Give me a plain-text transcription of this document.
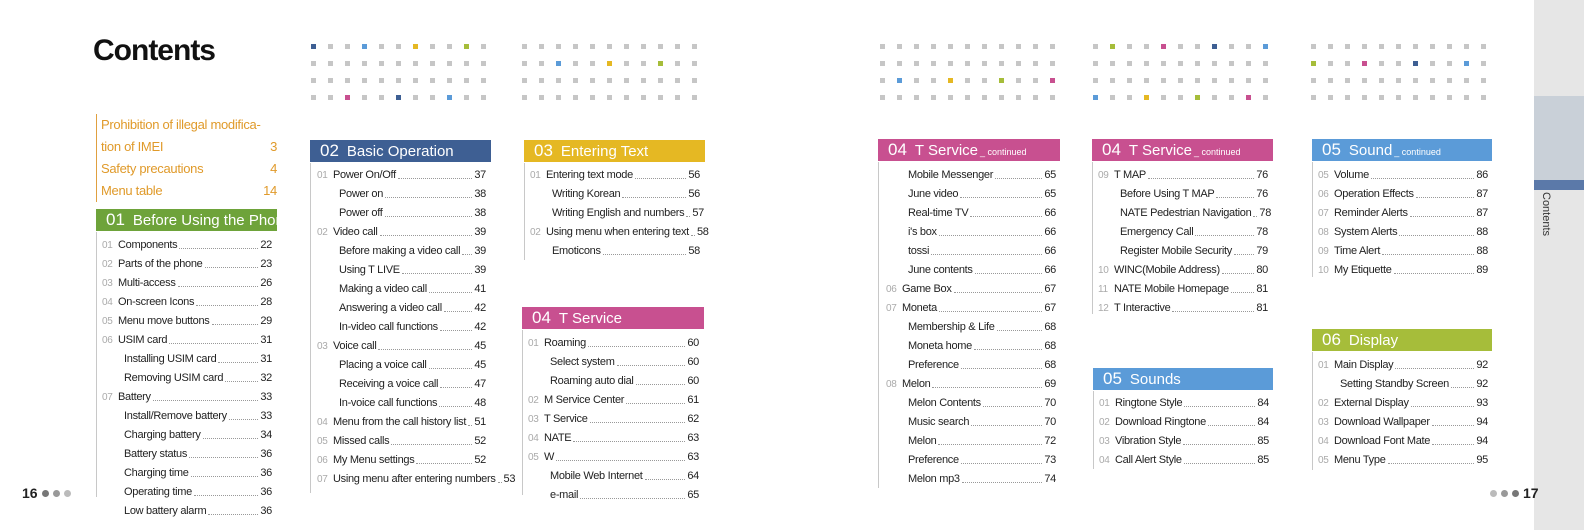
Contents
Contents
Prohibition of illegal modifica-
tion of IMEI	3
Safety precautions	4
Menu table	14
01 Before Using the Phone
02 Basic Operation	03 Entering Text
04 T Service
04 T Service _ continued	04 T Service _ continued
05 Sounds
05 Sound _ continued
06 Display
01 Components	22
02 Parts of the phone	23
03 Multi-access	26
04 On-screen Icons	28
05 Menu move buttons	29
06 USIM card	31
Installing USIM card	31
Removing USIM card	32
07 Battery	33
Install/Remove battery	33
Charging battery	34
Battery status	36
Charging time	36
Operating time	36
Low battery alarm	36
01 Power On/Off	37
Power on	38
Power off	38
02 Video call	39
Before making a video call 39
Using T LIVE	39
Making a video call	41
Answering a video call	42
In-video call functions	42
03 Voice call	45
Placing a voice call	45
Receiving a voice call	47
In-voice call functions	48
04 Menu from the call history list 51
05 Missed calls	52
06 My Menu settings	52
07 Using menu after entering numbers 53
01 Entering text mode	56
Writing Korean	56
Writing English and numbers 57
02 Using menu when entering text 58
Emoticons	58
01 Roaming	60
Select system	60
Roaming auto dial	60
02 M Service Center	61
03 T Service	62
04 NATE	63
05 W	63
Mobile Web Internet	64
e-mail	65
Mobile Messenger	65
June video	65
Real-time TV	66
i's box	66
tossi	66
June contents	66
06 Game Box	67
07 Moneta	67
Membership & Life	68
Moneta home	68
Preference	68
08 Melon	69
Melon Contents	70
Music search	70
Melon	72
Preference	73
Melon mp3	74
09 T MAP	76
Before Using T MAP	76
NATE Pedestrian Navigation 78
Emergency Call	78
Register Mobile Security 79
10 WINC(Mobile Address)	80
11 NATE Mobile Homepage	81
12 T Interactive	81
01 Ringtone Style	84
02 Download Ringtone	84
03 Vibration Style	85
04 Call Alert Style	85
05 Volume	86
06 Operation Effects	87
07 Reminder Alerts	87
08 System Alerts	88
09 Time Alert	88
10 My Etiquette	89
01 Main Display	92
Setting Standby Screen 92
02 External Display	93
03 Download Wallpaper	94
04 Download Font Mate	94
05 Menu Type	95
16	17
